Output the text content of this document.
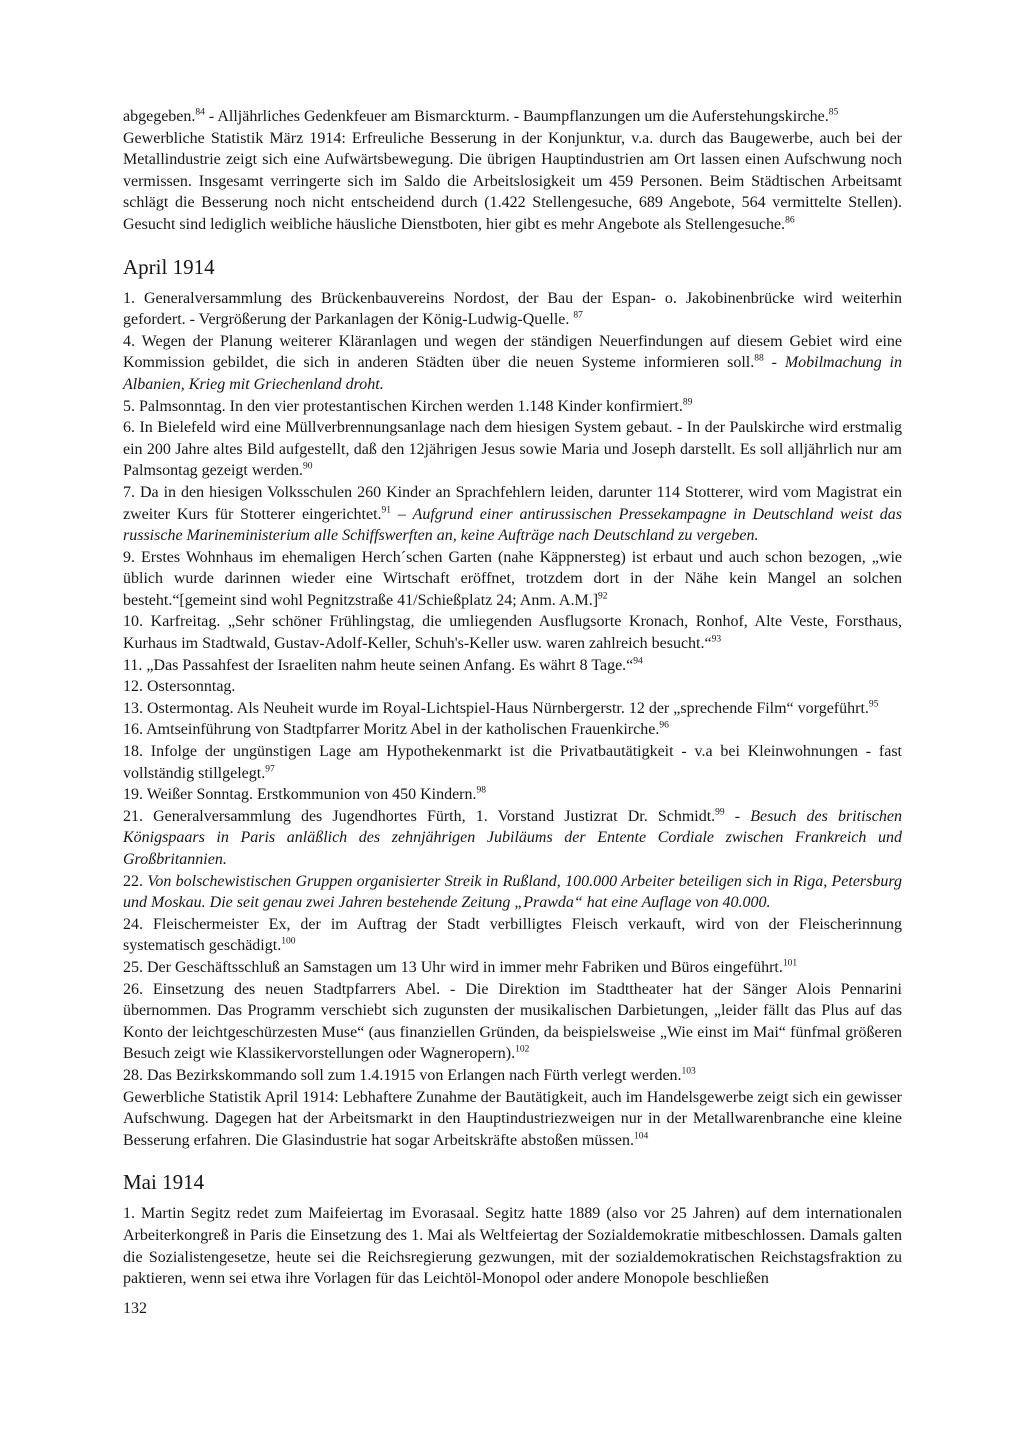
abgegeben.$^{84}$ - Alljährliches Gedenkfeuer am Bismarckturm. - Baumpflanzungen um die Auferstehungskirche.$^{85}$

Gewerbliche Statistik März 1914: Erfreuliche Besserung in der Konjunktur, v.a. durch das Baugewerbe, auch bei der Metallindustrie zeigt sich eine Aufwärtsbewegung. Die übrigen Hauptindustrien am Ort lassen einen Aufschwung noch vermissen. Insgesamt verringerte sich im Saldo die Arbeitslosigkeit um 459 Personen. Beim Städtischen Arbeitsamt schlägt die Besserung noch nicht entscheidend durch (1.422 Stellengesuche, 689 Angebote, 564 vermittelte Stellen). Gesucht sind lediglich weibliche häusliche Dienstboten, hier gibt es mehr Angebote als Stellengesuche.$^{86}$

April 1914

1. Generalversammlung des Brückenbauvereins Nordost, der Bau der Espan- o. Jakobinenbrücke wird weiterhin gefordert. - Vergrößerung der Parkanlagen der König-Ludwig-Quelle. $^{87}$

4. Wegen der Planung weiterer Kläranlagen und wegen der ständigen Neuerfindungen auf diesem Gebiet wird eine Kommission gebildet, die sich in anderen Städten über die neuen Systeme informieren soll.$^{88}$ - Mobilmachung in Albanien, Krieg mit Griechenland droht.

5. Palmsonntag. In den vier protestantischen Kirchen werden 1.148 Kinder konfirmiert.$^{89}$

6. In Bielefeld wird eine Müllverbrennungsanlage nach dem hiesigen System gebaut. - In der Paulskirche wird erstmalig ein 200 Jahre altes Bild aufgestellt, daß den 12jährigen Jesus sowie Maria und Joseph darstellt. Es soll alljährlich nur am Palmsontag gezeigt werden.$^{90}$

7. Da in den hiesigen Volksschulen 260 Kinder an Sprachfehlern leiden, darunter 114 Stotterer, wird vom Magistrat ein zweiter Kurs für Stotterer eingerichtet.$^{91}$ – Aufgrund einer antirussischen Pressekampagne in Deutschland weist das russische Marineministerium alle Schiffswerften an, keine Aufträge nach Deutschland zu vergeben.

9. Erstes Wohnhaus im ehemaligen Herch´schen Garten (nahe Käppnersteg) ist erbaut und auch schon bezogen, „wie üblich wurde darinnen wieder eine Wirtschaft eröffnet, trotzdem dort in der Nähe kein Mangel an solchen besteht.“[gemeint sind wohl Pegnitzstraße 41/Schießplatz 24; Anm. A.M.]$^{92}$

10. Karfreitag. „Sehr schöner Frühlingstag, die umliegenden Ausflugsorte Kronach, Ronhof, Alte Veste, Forsthaus, Kurhaus im Stadtwald, Gustav-Adolf-Keller, Schuh's-Keller usw. waren zahlreich besucht.“$^{93}$

11. „Das Passahfest der Israeliten nahm heute seinen Anfang. Es währt 8 Tage.“$^{94}$

12. Ostersonntag.

13. Ostermontag. Als Neuheit wurde im Royal-Lichtspiel-Haus Nürnbergerstr. 12 der „sprechende Film“ vorgeführt.$^{95}$

16. Amtseinführung von Stadtpfarrer Moritz Abel in der katholischen Frauenkirche.$^{96}$

18. Infolge der ungünstigen Lage am Hypothekenmarkt ist die Privatbautätigkeit - v.a bei Kleinwohnungen - fast vollständig stillgelegt.$^{97}$

19. Weißer Sonntag. Erstkommunion von 450 Kindern.$^{98}$

21. Generalversammlung des Jugendhortes Fürth, 1. Vorstand Justizrat Dr. Schmidt.$^{99}$ - Besuch des britischen Königspaars in Paris anläßlich des zehnjährigen Jubiläums der Entente Cordiale zwischen Frankreich und Großbritannien.

22. Von bolschewistischen Gruppen organisierter Streik in Rußland, 100.000 Arbeiter beteiligen sich in Riga, Petersburg und Moskau. Die seit genau zwei Jahren bestehende Zeitung „Prawda“ hat eine Auflage von 40.000.

24. Fleischermeister Ex, der im Auftrag der Stadt verbilligtes Fleisch verkauft, wird von der Fleischerinnung systematisch geschädigt.$^{100}$

25. Der Geschäftsschluß an Samstagen um 13 Uhr wird in immer mehr Fabriken und Büros eingeführt.$^{101}$

26. Einsetzung des neuen Stadtpfarrers Abel. - Die Direktion im Stadttheater hat der Sänger Alois Pennarini übernommen. Das Programm verschiebt sich zugunsten der musikalischen Darbietungen, „leider fällt das Plus auf das Konto der leichtgeschürzesten Muse“ (aus finanziellen Gründen, da beispielsweise „Wie einst im Mai“ fünfmal größeren Besuch zeigt wie Klassikervorstellungen oder Wagneropern).$^{102}$

28. Das Bezirkskommando soll zum 1.4.1915 von Erlangen nach Fürth verlegt werden.$^{103}$

Gewerbliche Statistik April 1914: Lebhaftere Zunahme der Bautätigkeit, auch im Handelsgewerbe zeigt sich ein gewisser Aufschwung. Dagegen hat der Arbeitsmarkt in den Hauptindustriezweigen nur in der Metallwarenbranche eine kleine Besserung erfahren. Die Glasindustrie hat sogar Arbeitskräfte abstoßen müssen.$^{104}$

Mai 1914

1. Martin Segitz redet zum Maifeiertag im Evorasaal. Segitz hatte 1889 (also vor 25 Jahren) auf dem internationalen Arbeiterkongreß in Paris die Einsetzung des 1. Mai als Weltfeiertag der Sozialdemokratie mitbeschlossen. Damals galten die Sozialistengesetze, heute sei die Reichsregierung gezwungen, mit der sozialdemokratischen Reichstagsfraktion zu paktieren, wenn sei etwa ihre Vorlagen für das Leichtöl-Monopol oder andere Monopole beschließen

132
